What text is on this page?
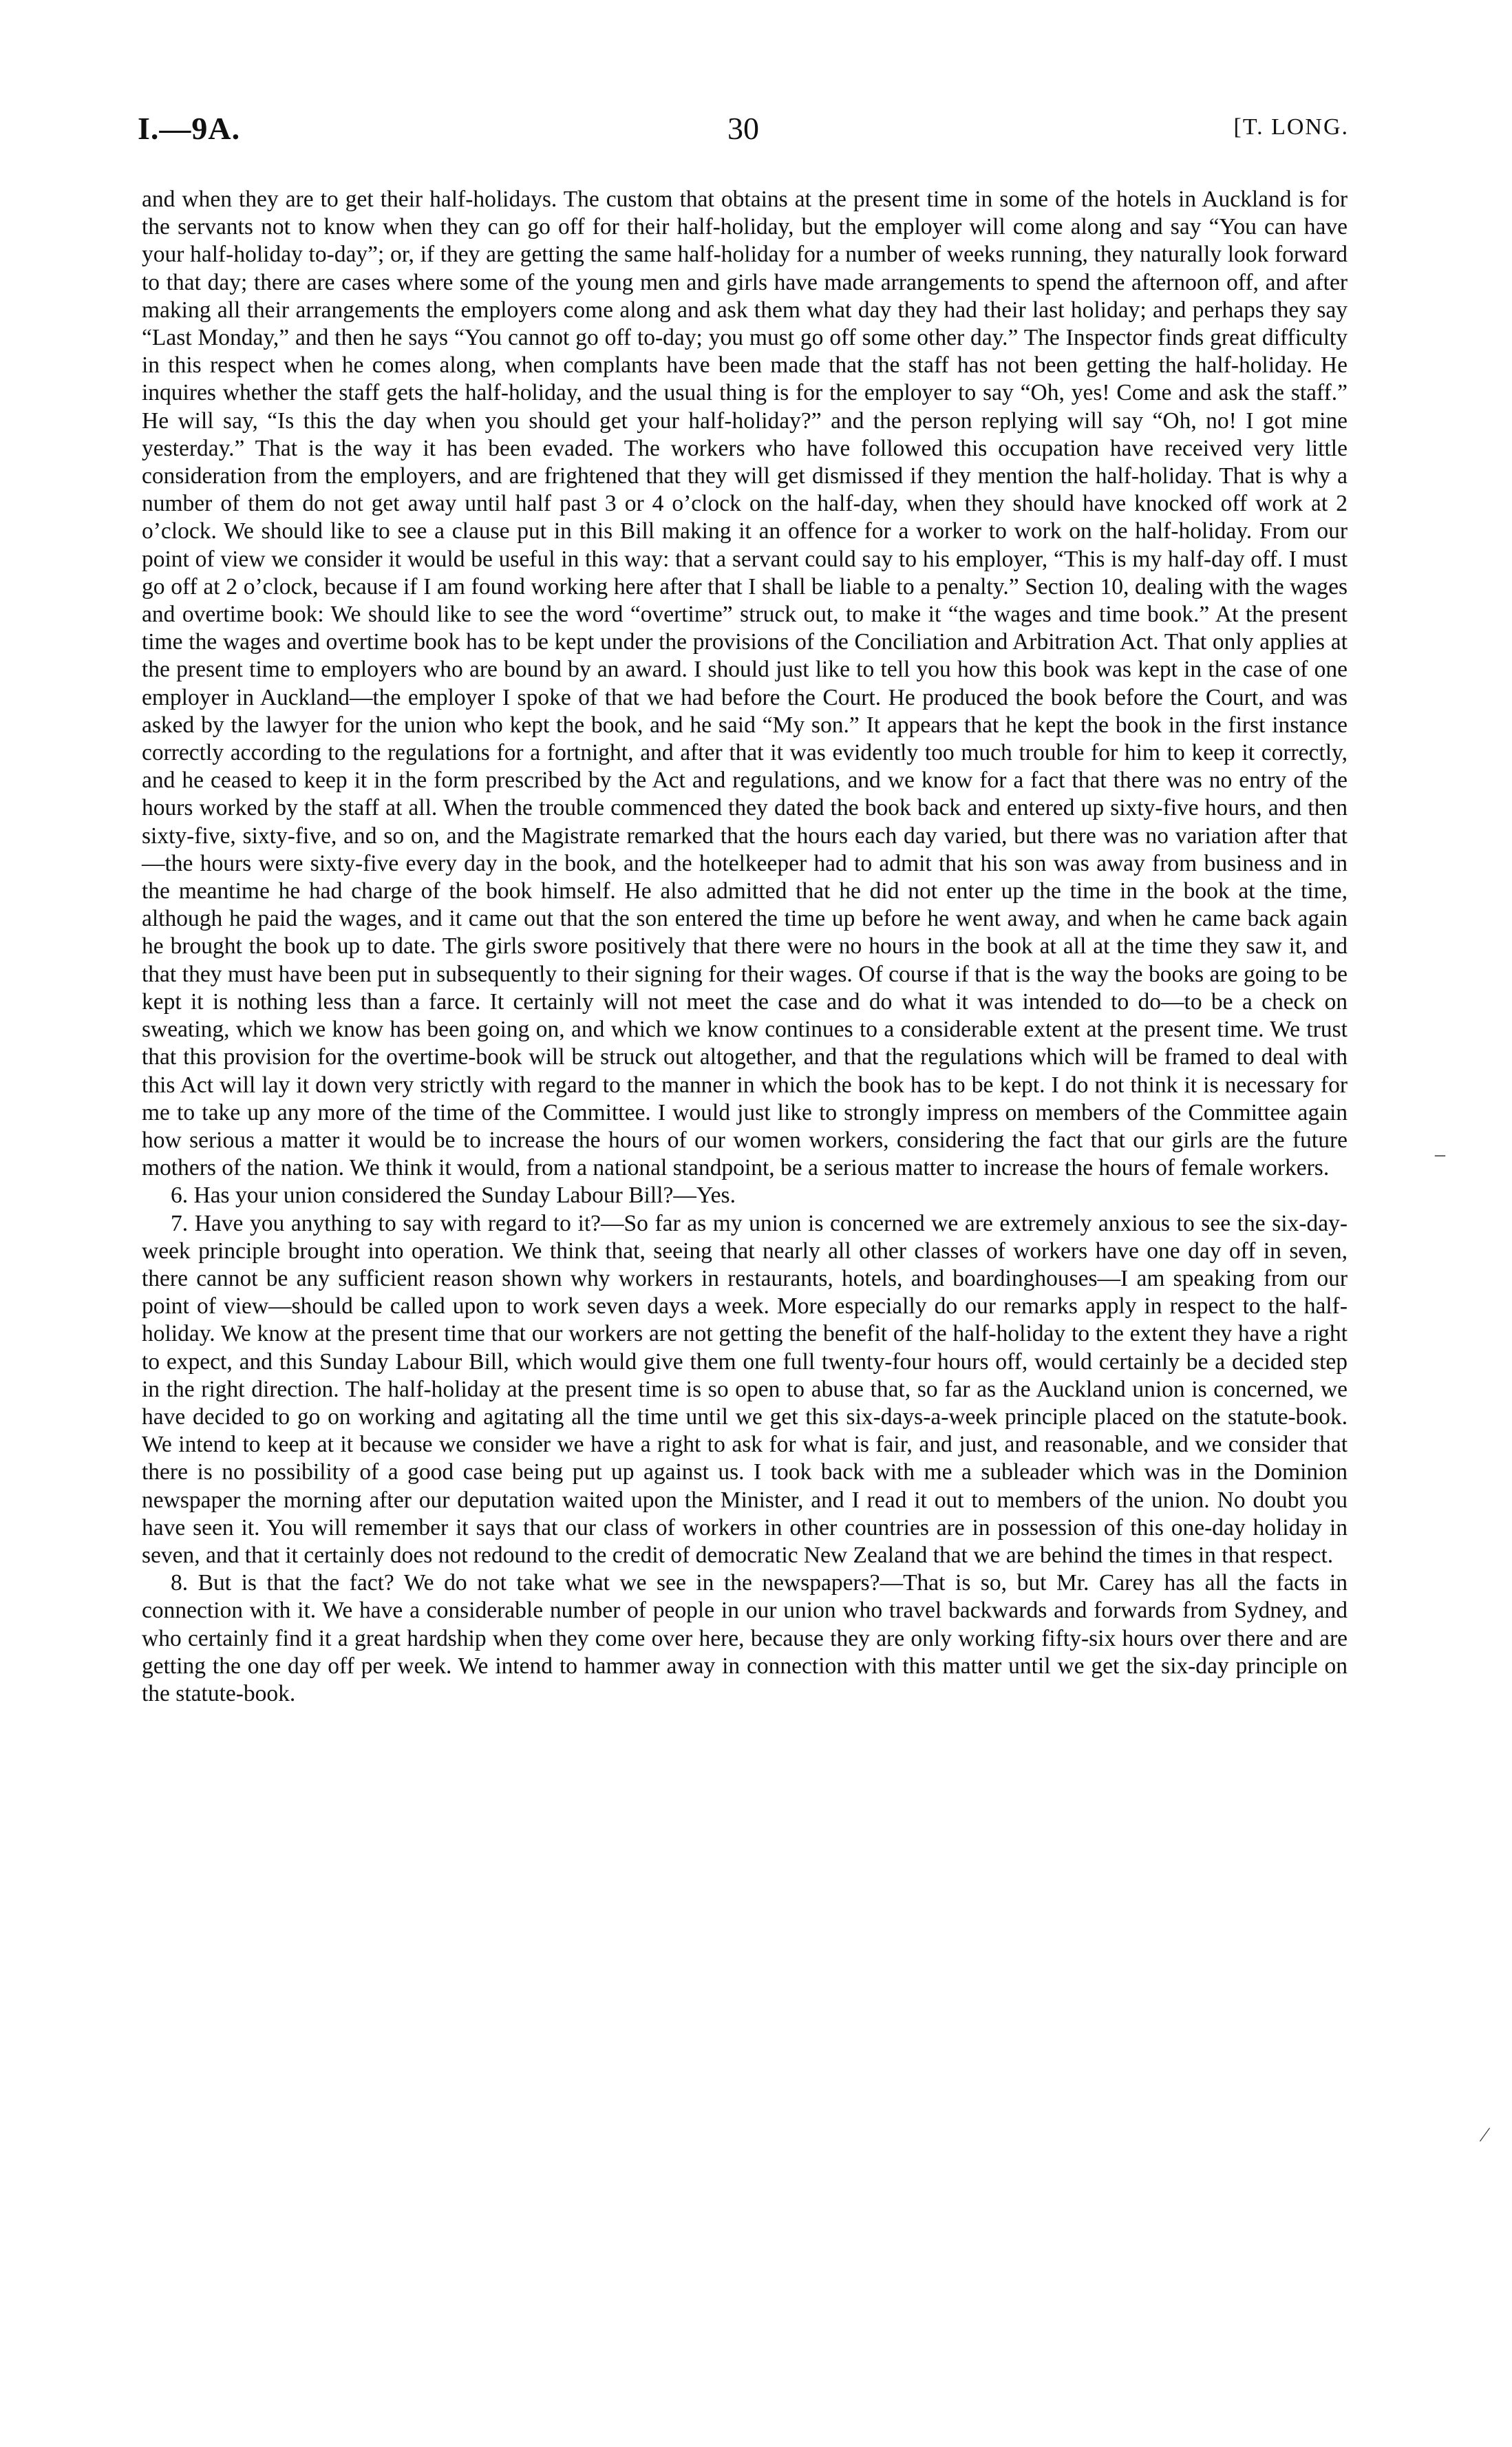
I.—9A.	30	[T. LONG.

and when they are to get their half-holidays. The custom that obtains at the present time in some of the hotels in Auckland is for the servants not to know when they can go off for their half-holiday, but the employer will come along and say “You can have your half-holiday to-day”; or, if they are getting the same half-holiday for a number of weeks running, they naturally look forward to that day; there are cases where some of the young men and girls have made arrangements to spend the afternoon off, and after making all their arrangements the employers come along and ask them what day they had their last holiday; and perhaps they say “Last Monday,” and then he says “You cannot go off to-day; you must go off some other day.” The Inspector finds great difficulty in this respect when he comes along, when complants have been made that the staff has not been getting the half-holiday. He inquires whether the staff gets the half-holiday, and the usual thing is for the employer to say “Oh, yes! Come and ask the staff.” He will say, “Is this the day when you should get your half-holiday?” and the person replying will say “Oh, no! I got mine yesterday.” That is the way it has been evaded. The workers who have followed this occupation have received very little consideration from the employers, and are frightened that they will get dismissed if they mention the half-holiday. That is why a number of them do not get away until half past 3 or 4 o’clock on the half-day, when they should have knocked off work at 2 o’clock. We should like to see a clause put in this Bill making it an offence for a worker to work on the half-holiday. From our point of view we consider it would be useful in this way: that a servant could say to his employer, “This is my half-day off. I must go off at 2 o’clock, because if I am found working here after that I shall be liable to a penalty.” Section 10, dealing with the wages and overtime book: We should like to see the word “overtime” struck out, to make it “the wages and time book.” At the present time the wages and overtime book has to be kept under the provisions of the Conciliation and Arbitration Act. That only applies at the present time to employers who are bound by an award. I should just like to tell you how this book was kept in the case of one employer in Auckland—the employer I spoke of that we had before the Court. He produced the book before the Court, and was asked by the lawyer for the union who kept the book, and he said “My son.” It appears that he kept the book in the first instance correctly according to the regulations for a fortnight, and after that it was evidently too much trouble for him to keep it correctly, and he ceased to keep it in the form prescribed by the Act and regulations, and we know for a fact that there was no entry of the hours worked by the staff at all. When the trouble commenced they dated the book back and entered up sixty-five hours, and then sixty-five, sixty-five, and so on, and the Magistrate remarked that the hours each day varied, but there was no variation after that—the hours were sixty-five every day in the book, and the hotelkeeper had to admit that his son was away from business and in the meantime he had charge of the book himself. He also admitted that he did not enter up the time in the book at the time, although he paid the wages, and it came out that the son entered the time up before he went away, and when he came back again he brought the book up to date. The girls swore positively that there were no hours in the book at all at the time they saw it, and that they must have been put in subsequently to their signing for their wages. Of course if that is the way the books are going to be kept it is nothing less than a farce. It certainly will not meet the case and do what it was intended to do—to be a check on sweating, which we know has been going on, and which we know continues to a considerable extent at the present time. We trust that this provision for the overtime-book will be struck out altogether, and that the regulations which will be framed to deal with this Act will lay it down very strictly with regard to the manner in which the book has to be kept. I do not think it is necessary for me to take up any more of the time of the Committee. I would just like to strongly impress on members of the Committee again how serious a matter it would be to increase the hours of our women workers, considering the fact that our girls are the future mothers of the nation. We think it would, from a national standpoint, be a serious matter to increase the hours of female workers.

6. Has your union considered the Sunday Labour Bill?—Yes.

7. Have you anything to say with regard to it?—So far as my union is concerned we are extremely anxious to see the six-day-week principle brought into operation. We think that, seeing that nearly all other classes of workers have one day off in seven, there cannot be any sufficient reason shown why workers in restaurants, hotels, and boardinghouses—I am speaking from our point of view—should be called upon to work seven days a week. More especially do our remarks apply in respect to the half-holiday. We know at the present time that our workers are not getting the benefit of the half-holiday to the extent they have a right to expect, and this Sunday Labour Bill, which would give them one full twenty-four hours off, would certainly be a decided step in the right direction. The half-holiday at the present time is so open to abuse that, so far as the Auckland union is concerned, we have decided to go on working and agitating all the time until we get this six-days-a-week principle placed on the statute-book. We intend to keep at it because we consider we have a right to ask for what is fair, and just, and reasonable, and we consider that there is no possibility of a good case being put up against us. I took back with me a subleader which was in the Dominion newspaper the morning after our deputation waited upon the Minister, and I read it out to members of the union. No doubt you have seen it. You will remember it says that our class of workers in other countries are in possession of this one-day holiday in seven, and that it certainly does not redound to the credit of democratic New Zealand that we are behind the times in that respect.

8. But is that the fact? We do not take what we see in the newspapers?—That is so, but Mr. Carey has all the facts in connection with it. We have a considerable number of people in our union who travel backwards and forwards from Sydney, and who certainly find it a great hardship when they come over here, because they are only working fifty-six hours over there and are getting the one day off per week. We intend to hammer away in connection with this matter until we get the six-day principle on the statute-book.

–
⁄
